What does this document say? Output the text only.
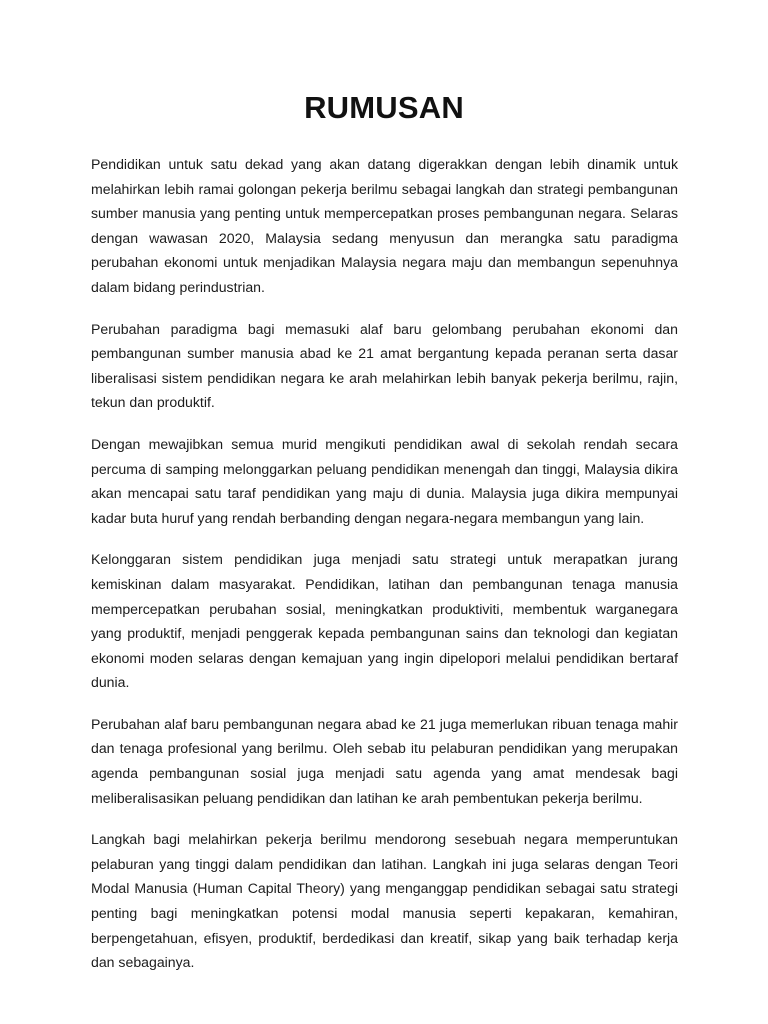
RUMUSAN

Pendidikan untuk satu dekad yang akan datang digerakkan dengan lebih dinamik untuk melahirkan lebih ramai golongan pekerja berilmu sebagai langkah dan strategi pembangunan sumber manusia yang penting untuk mempercepatkan proses pembangunan negara. Selaras dengan wawasan 2020, Malaysia sedang menyusun dan merangka satu paradigma perubahan ekonomi untuk menjadikan Malaysia negara maju dan membangun sepenuhnya dalam bidang perindustrian.

Perubahan paradigma bagi memasuki alaf baru gelombang perubahan ekonomi dan pembangunan sumber manusia abad ke 21 amat bergantung kepada peranan serta dasar liberalisasi sistem pendidikan negara ke arah melahirkan lebih banyak pekerja berilmu, rajin, tekun dan produktif.

Dengan mewajibkan semua murid mengikuti pendidikan awal di sekolah rendah secara percuma di samping melonggarkan peluang pendidikan menengah dan tinggi, Malaysia dikira akan mencapai satu taraf pendidikan yang maju di dunia. Malaysia juga dikira mempunyai kadar buta huruf yang rendah berbanding dengan negara-negara membangun yang lain.

Kelonggaran sistem pendidikan juga menjadi satu strategi untuk merapatkan jurang kemiskinan dalam masyarakat. Pendidikan, latihan dan pembangunan tenaga manusia mempercepatkan perubahan sosial, meningkatkan produktiviti, membentuk warganegara yang produktif, menjadi penggerak kepada pembangunan sains dan teknologi dan kegiatan ekonomi moden selaras dengan kemajuan yang ingin dipelopori melalui pendidikan bertaraf dunia.

Perubahan alaf baru pembangunan negara abad ke 21 juga memerlukan ribuan tenaga mahir dan tenaga profesional yang berilmu. Oleh sebab itu pelaburan pendidikan yang merupakan agenda pembangunan sosial juga menjadi satu agenda yang amat mendesak bagi meliberalisasikan peluang pendidikan dan latihan ke arah pembentukan pekerja berilmu.

Langkah bagi melahirkan pekerja berilmu mendorong sesebuah negara memperuntukan pelaburan yang tinggi dalam pendidikan dan latihan. Langkah ini juga selaras dengan Teori Modal Manusia (Human Capital Theory) yang menganggap pendidikan sebagai satu strategi penting bagi meningkatkan potensi modal manusia seperti kepakaran, kemahiran, berpengetahuan, efisyen, produktif, berdedikasi dan kreatif, sikap yang baik terhadap kerja dan sebagainya.
